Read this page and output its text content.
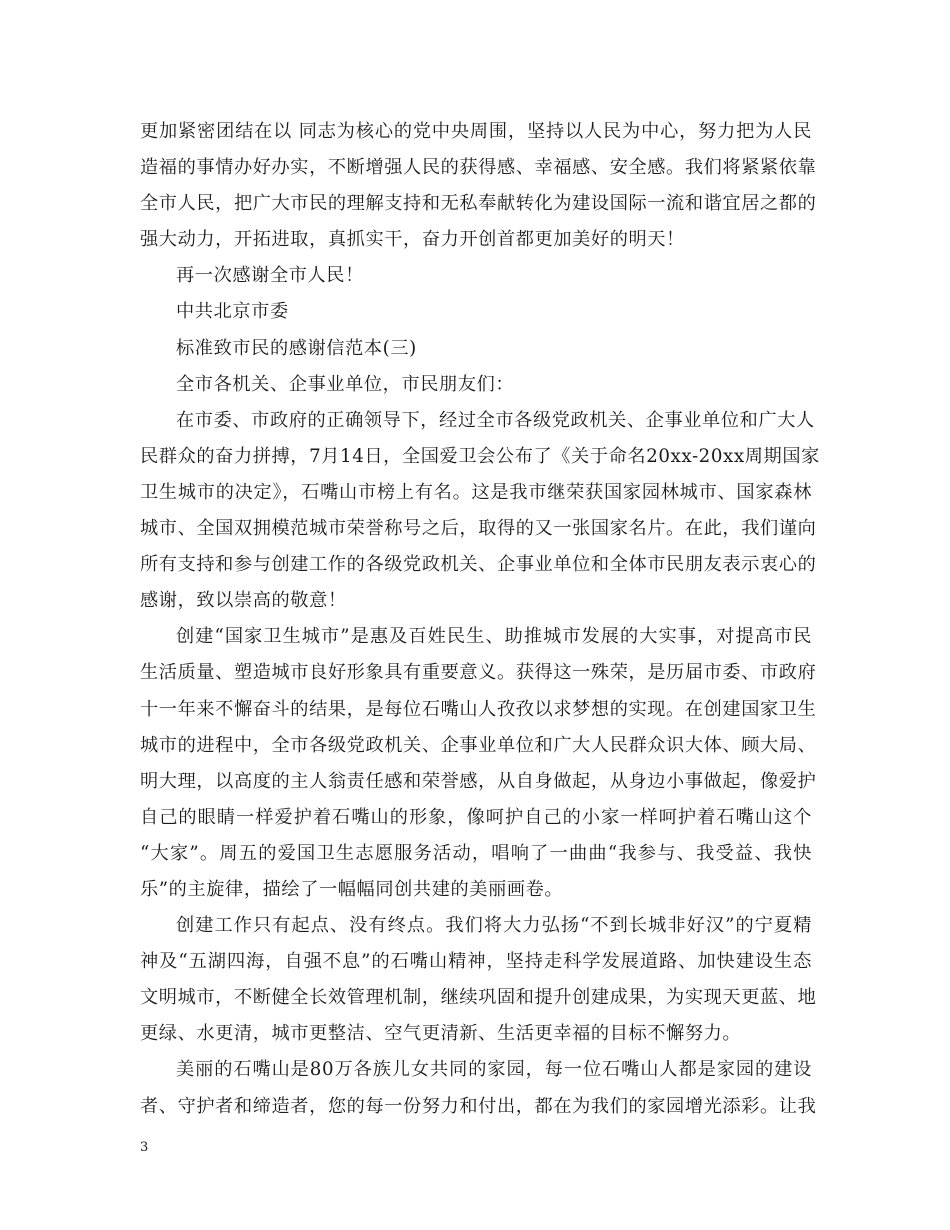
更加紧密团结在以 同志为核心的党中央周围，坚持以人民为中心，努力把为人民
造福的事情办好办实，不断增强人民的获得感、幸福感、安全感。我们将紧紧依靠
全市人民，把广大市民的理解支持和无私奉献转化为建设国际一流和谐宜居之都的
强大动力，开拓进取，真抓实干，奋力开创首都更加美好的明天！
再一次感谢全市人民！
中共北京市委
标准致市民的感谢信范本(三)
全市各机关、企事业单位，市民朋友们：
在市委、市政府的正确领导下，经过全市各级党政机关、企事业单位和广大人
民群众的奋力拼搏，7月14日，全国爱卫会公布了《关于命名20xx-20xx周期国家
卫生城市的决定》，石嘴山市榜上有名。这是我市继荣获国家园林城市、国家森林
城市、全国双拥模范城市荣誉称号之后，取得的又一张国家名片。在此，我们谨向
所有支持和参与创建工作的各级党政机关、企事业单位和全体市民朋友表示衷心的
感谢，致以崇高的敬意！
创建“国家卫生城市”是惠及百姓民生、助推城市发展的大实事，对提高市民
生活质量、塑造城市良好形象具有重要意义。获得这一殊荣，是历届市委、市政府
十一年来不懈奋斗的结果，是每位石嘴山人孜孜以求梦想的实现。在创建国家卫生
城市的进程中，全市各级党政机关、企事业单位和广大人民群众识大体、顾大局、
明大理，以高度的主人翁责任感和荣誉感，从自身做起，从身边小事做起，像爱护
自己的眼睛一样爱护着石嘴山的形象，像呵护自己的小家一样呵护着石嘴山这个
“大家”。周五的爱国卫生志愿服务活动，唱响了一曲曲“我参与、我受益、我快
乐”的主旋律，描绘了一幅幅同创共建的美丽画卷。
创建工作只有起点、没有终点。我们将大力弘扬“不到长城非好汉”的宁夏精
神及“五湖四海，自强不息”的石嘴山精神，坚持走科学发展道路、加快建设生态
文明城市，不断健全长效管理机制，继续巩固和提升创建成果，为实现天更蓝、地
更绿、水更清，城市更整洁、空气更清新、生活更幸福的目标不懈努力。
美丽的石嘴山是80万各族儿女共同的家园，每一位石嘴山人都是家园的建设
者、守护者和缔造者，您的每一份努力和付出，都在为我们的家园增光添彩。让我
3
